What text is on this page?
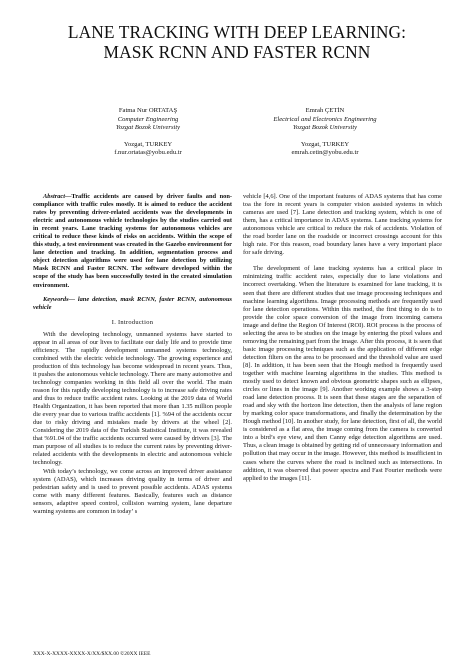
LANE TRACKING WITH DEEP LEARNING:
MASK RCNN AND FASTER RCNN
Fatma Nur ORTATAŞ
Computer Engineering
Yozgat Bozok University
Yozgat, TURKEY
f.nur.ortatas@yobu.edu.tr
Emrah ÇETİN
Electrical and Electronics Engineering
Yozgat Bozok University
Yozgat, TURKEY
emrah.cetin@yobu.edu.tr

Abstract—Traffic accidents are caused by driver faults and non- compliance with traffic rules mostly. It is aimed to reduce the accident rates by preventing driver-related accidents was the developments in electric and autonomous vehicle technologies by the studies carried out in recent years. Lane tracking systems for autonomous vehicles are critical to reduce these kinds of risks on accidents. Within the scope of this study, a test environment was created in the Gazebo environment for lane detection and tracking. In addition, segmentation process and object detection algorithms were used for lane detection by utilizing Mask RCNN and Faster RCNN. The software developed within the scope of the study has been successfully tested in the created simulation environment.

Keywords— lane detection, mask RCNN, faster RCNN, autonomous vehicle

I. Introduction

With the developing technology, unmanned systems have started to appear in all areas of our lives to facilitate our daily life and to provide time efficiency. The rapidly development unmanned systems technology, combined with the electric vehicle technology. The growing experience and production of this technology has become widespread in recent years. Thus, it pushes the autonomous vehicle technology. There are many automotive and technology companies working in this field all over the world. The main reason for this rapidly developing technology is to increase safe driving rates and thus to reduce traffic accident rates. Looking at the 2019 data of World Health Organization, it has been reported that more than 1.35 million people die every year due to various traffic accidents [1]. %94 of the accidents occur due to risky driving and mistakes made by drivers at the wheel [2]. Considering the 2019 data of the Turkish Statistical Institute, it was revealed that %91.04 of the traffic accidents occurred were caused by drivers [3]. The man purpose of all studies is to reduce the current rates by preventing driver- related accidents with the developments in electric and autonomous vehicle technology.

With today’s technology, we come across an improved driver assistance system (ADAS), which increases driving quality in terms of driver and pedestrian safety and is used to prevent possible accidents. ADAS systems come with many different features. Basically, features such as distance sensors, adaptive speed control, collision warning system, lane departure warning systems are common in today’ s

vehicle [4,6]. One of the important features of ADAS systems that has come toa the fore in recent years is computer vision assisted systems in which cameras are used [7]. Lane detection and tracking system, which is one of them, has a critical importance in ADAS systems. Lane tracking systems for autonomous vehicle are critical to reduce the risk of accidents. Violation of the road border lane on the roadside or incorrect crossings account for this high rate. For this reason, road boundary lanes have a very important place for safe driving.

The development of lane tracking systems has a critical place in minimizing traffic accident rates, especially due to lane violations and incorrect overtaking. When the literature is examined for lane tracking, it is seen that there are different studies that use image processing techniques and machine learning algorithms. Image processing methods are frequently used for lane detection operations. Within this method, the first thing to do is to provide the color space conversion of the image from incoming camera image and define the Region Of Interest (ROI). ROI process is the process of selecting the area to be studies on the image by entering the pixel values and removing the remaining part from the image. After this process, it is seen that basic image processing techniques such as the application of different edge detection filters on the area to be processed and the threshold value are used [8]. In addition, it has been seen that the Hough method is frequently used together with machine learning algorithms in the studies. This method is mostly used to detect known and obvious geometric shapes such as ellipses, circles or lines in the image [9]. Another working example shows a 3-step road lane detection process. It is seen that these stages are the separation of road and sky with the horizon line detection, then the analysis of lane region by marking color space transformations, and finally the determination by the Hough method [10]. In another study, for lane detection, first of all, the world is considered as a flat area, the image coming from the camera is converted into a bird’s eye view, and then Canny edge detection algorithms are used. Thus, a clean image is obtained by getting rid of unnecessary information and pollution that may occur in the image. However, this method is insufficient in cases where the curves where the road is inclined such as intersections. In addition, it was observed that power spectra and Fast Fourier methods were applied to the images [11].

XXX-X-XXXX-XXXX-X/XX/$XX.00 ©20XX IEEE
